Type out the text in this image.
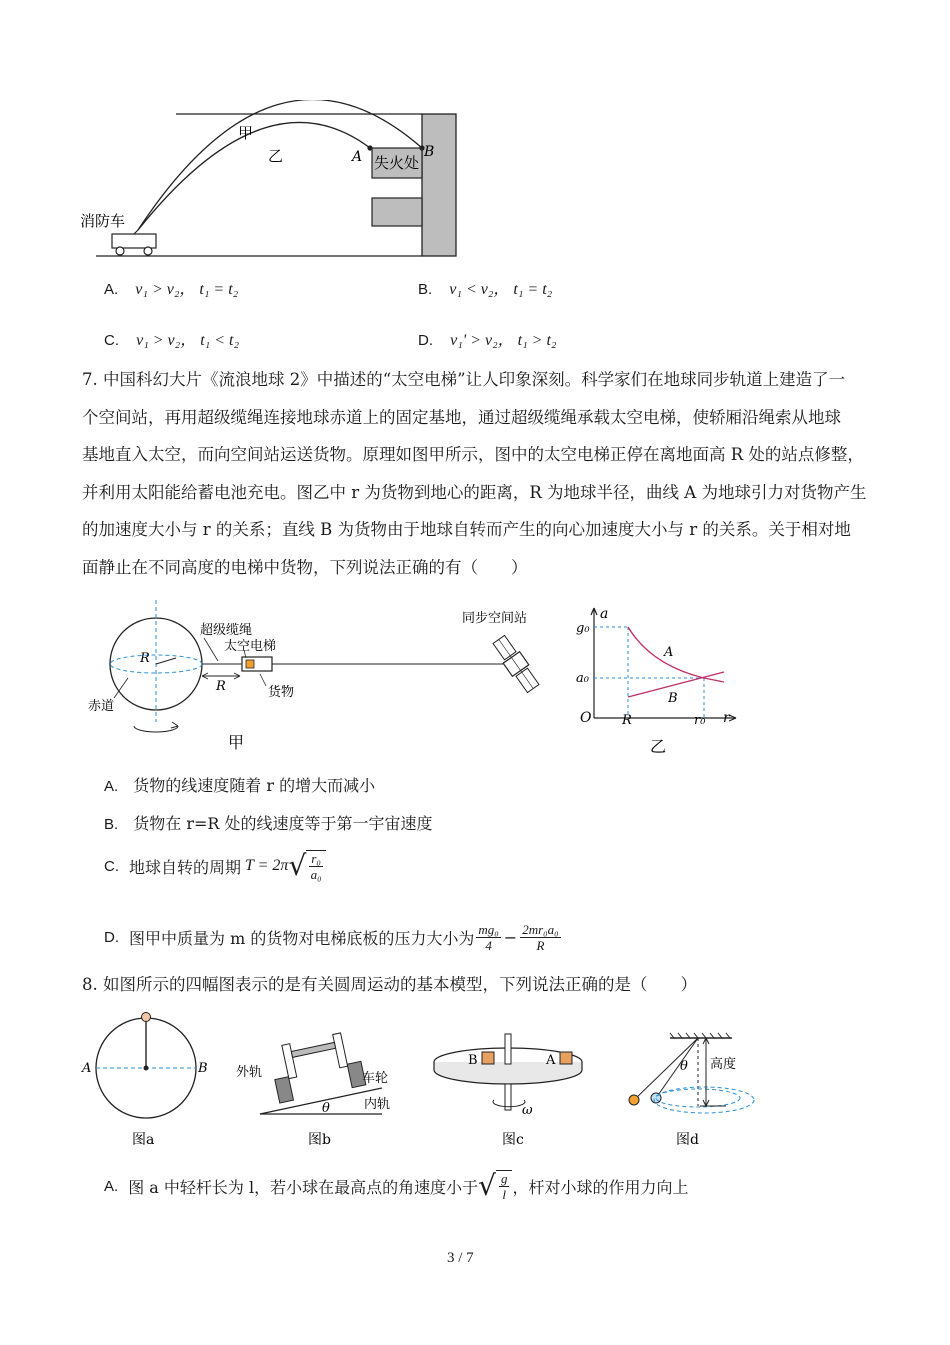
甲
乙	A	B
失火处
消防车
A. v₁ > v₂， t₁ = t₂	B. v₁ < v₂， t₁ = t₂
C. v₁ > v₂， t₁ < t₂	D. v₁' > v₂， t₁ > t₂
7. 中国科幻大片《流浪地球 2》中描述的“太空电梯”让人印象深刻。科学家们在地球同步轨道上建造了一
个空间站，再用超级缆绳连接地球赤道上的固定基地，通过超级缆绳承载太空电梯，使轿厢沿绳索从地球
基地直入太空，而向空间站运送货物。原理如图甲所示，图中的太空电梯正停在离地面高 R 处的站点修整，
并利用太阳能给蓄电池充电。图乙中 r 为货物到地心的距离，R 为地球半径，曲线 A 为地球引力对货物产生
的加速度大小与 r 的关系；直线 B 为货物由于地球自转而产生的向心加速度大小与 r 的关系。关于相对地
面静止在不同高度的电梯中货物，下列说法正确的有（　　）
超级缆绳
太空电梯
同步空间站
R
R
赤道
货物
甲
a
g₀
a₀
O R	r₀ r
A
B
乙
A. 货物的线速度随着 r 的增大而减小
B. 货物在 r=R 处的线速度等于第一宇宙速度
C. 地球自转的周期 T = 2π √ $\frac{\text{r₀}}{\text{a₀}}$
D. 图甲中质量为 m 的货物对电梯底板的压力大小为 $\frac{\text{mg₀}}{4} - \frac{\text{2mr₀a₀}}{R}$
8. 如图所示的四幅图表示的是有关圆周运动的基本模型，下列说法正确的是（　　）
A	B
图a
外轨	车轮
内轨
θ
图b
B	A
ω
图c
θ 高度
图d
A. 图 a 中轻杆长为 l，若小球在最高点的角速度小于 √ $\frac{g}{l}$ ，杆对小球的作用力向上
3 / 7
